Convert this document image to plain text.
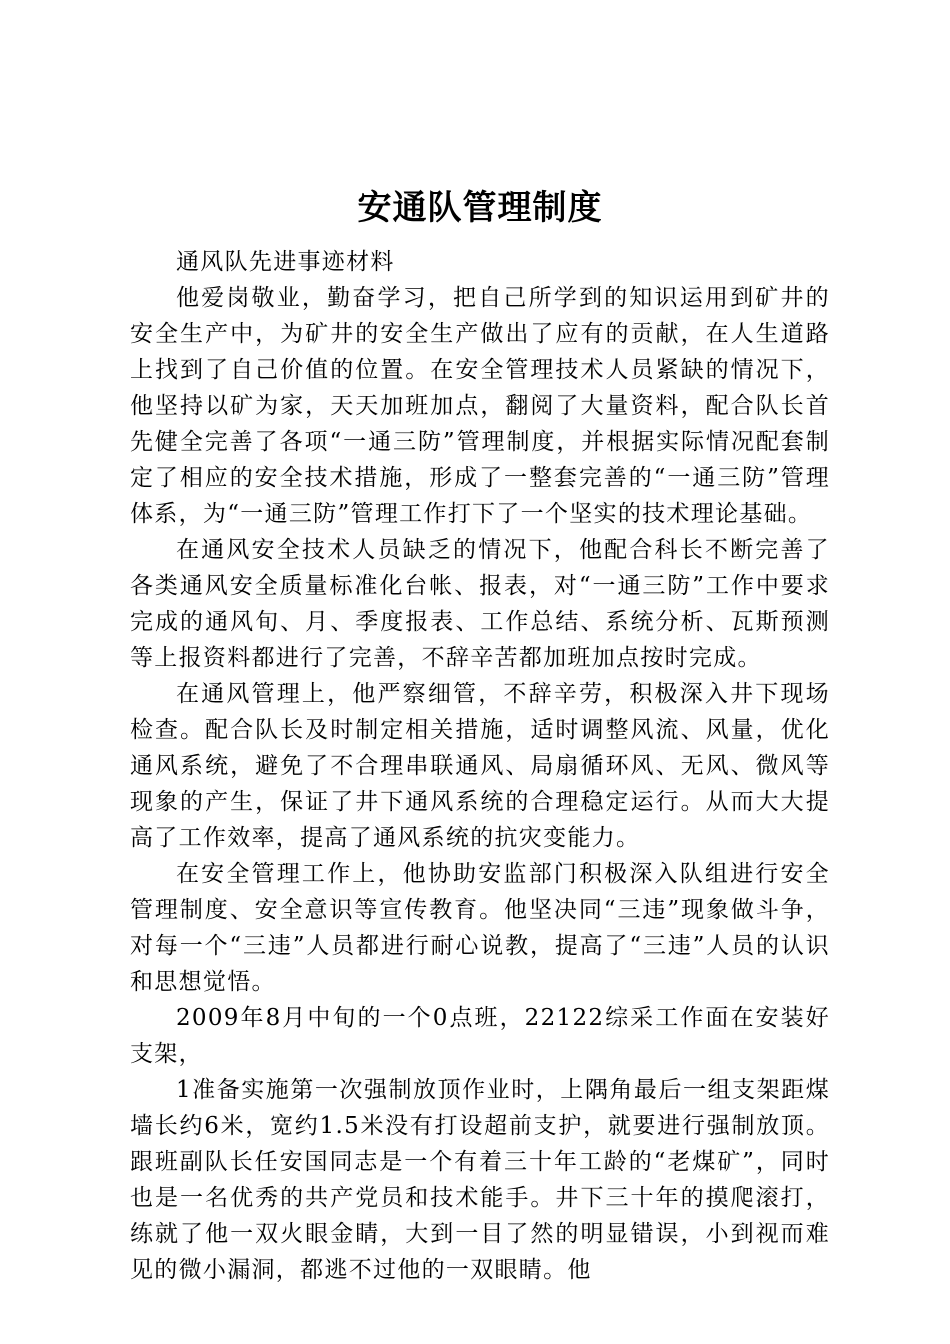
安通队管理制度

通风队先进事迹材料

他爱岗敬业，勤奋学习，把自己所学到的知识运用到矿井的安全生产中，为矿井的安全生产做出了应有的贡献，在人生道路上找到了自己价值的位置。在安全管理技术人员紧缺的情况下，他坚持以矿为家，天天加班加点，翻阅了大量资料，配合队长首先健全完善了各项“一通三防”管理制度，并根据实际情况配套制定了相应的安全技术措施，形成了一整套完善的“一通三防”管理体系，为“一通三防”管理工作打下了一个坚实的技术理论基础。

在通风安全技术人员缺乏的情况下，他配合科长不断完善了各类通风安全质量标准化台帐、报表，对“一通三防”工作中要求完成的通风旬、月、季度报表、工作总结、系统分析、瓦斯预测等上报资料都进行了完善，不辞辛苦都加班加点按时完成。

在通风管理上，他严察细管，不辞辛劳，积极深入井下现场检查。配合队长及时制定相关措施，适时调整风流、风量，优化通风系统，避免了不合理串联通风、局扇循环风、无风、微风等现象的产生，保证了井下通风系统的合理稳定运行。从而大大提高了工作效率，提高了通风系统的抗灾变能力。

在安全管理工作上，他协助安监部门积极深入队组进行安全管理制度、安全意识等宣传教育。他坚决同“三违”现象做斗争，对每一个“三违”人员都进行耐心说教，提高了“三违”人员的认识和思想觉悟。

2009年8月中旬的一个0点班，22122综采工作面在安装好支架，

1准备实施第一次强制放顶作业时，上隅角最后一组支架距煤墙长约6米，宽约1.5米没有打设超前支护，就要进行强制放顶。跟班副队长任安国同志是一个有着三十年工龄的“老煤矿”，同时也是一名优秀的共产党员和技术能手。井下三十年的摸爬滚打，练就了他一双火眼金睛，大到一目了然的明显错误，小到视而难见的微小漏洞，都逃不过他的一双眼睛。他
